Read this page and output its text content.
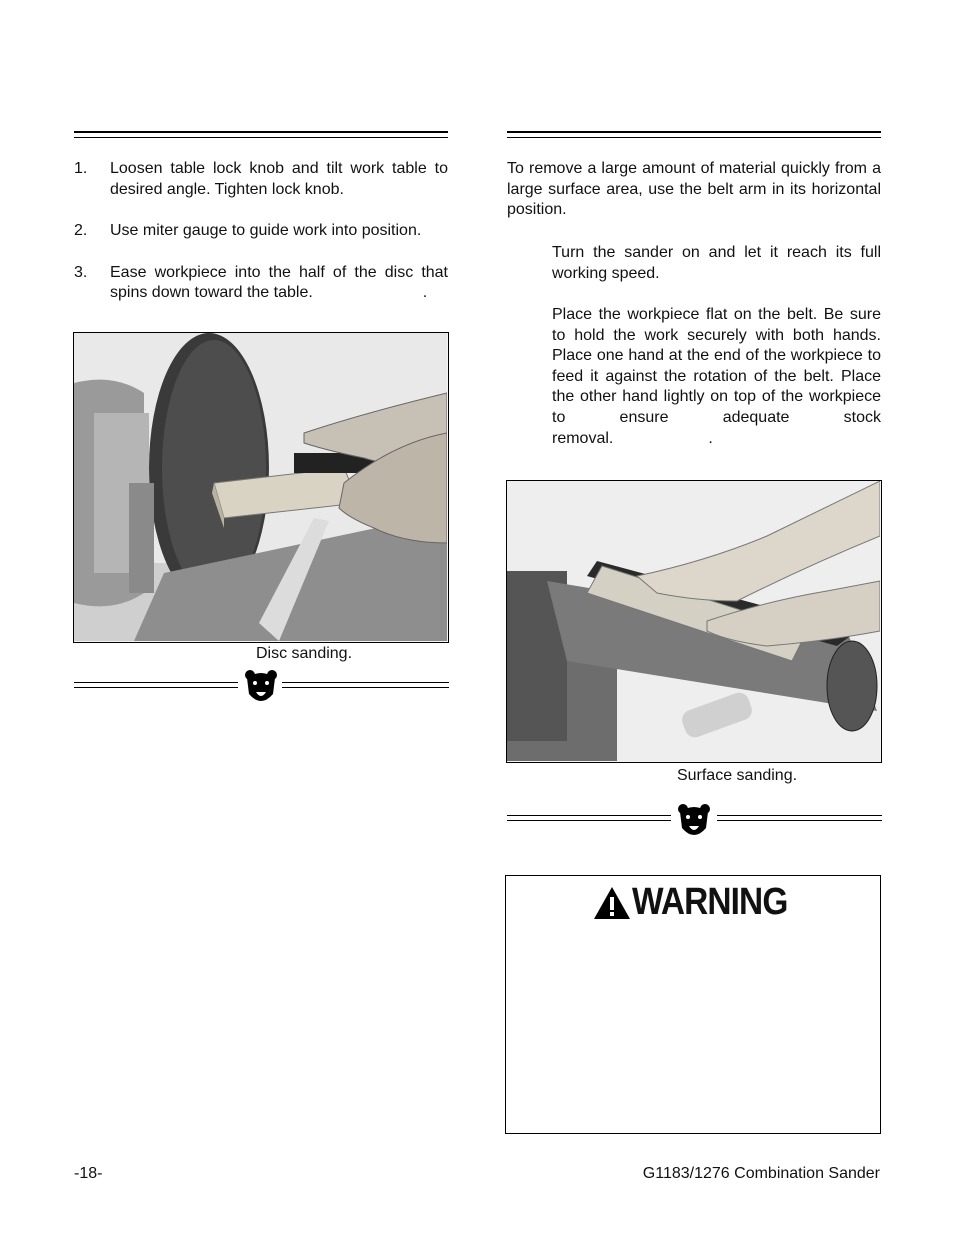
1. Loosen table lock knob and tilt work table to desired angle. Tighten lock knob.
2. Use miter gauge to guide work into position.
3. Ease workpiece into the half of the disc that spins down toward the table.	.
Disc sanding.
To remove a large amount of material quickly from a large surface area, use the belt arm in its horizontal position.
Turn the sander on and let it reach its full working speed.
Place the workpiece flat on the belt. Be sure to hold the work securely with both hands. Place one hand at the end of the workpiece to feed it against the rotation of the belt. Place the other hand lightly on top of the workpiece to ensure adequate stock removal.	.
Surface sanding.
WARNING
-18-	G1183/1276 Combination Sander
